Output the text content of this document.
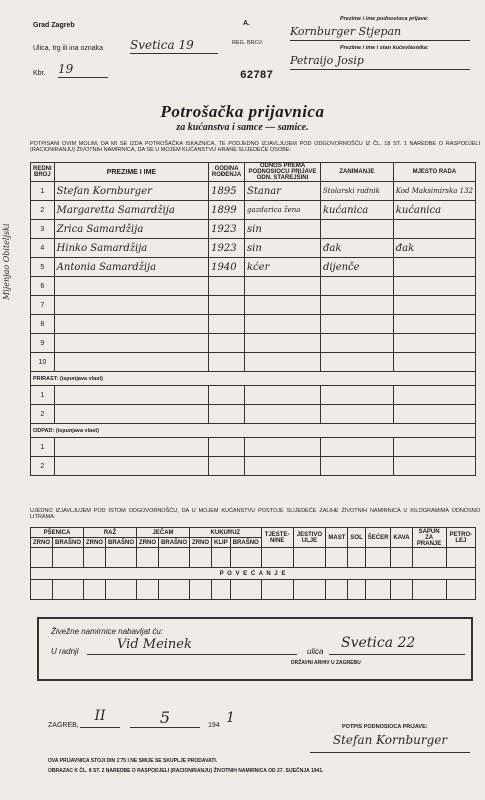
Grad Zagreb	A.
REG. BROJ:
Ulica, trg ili ina oznaka Svetica 19
Kbr. 19	62787
Prezime i ime podnosioca prijave:
Kornburger Stjepan
Prezime i ime i stan kućevlasnika:
Petraijo Josip
Potrošačka prijavnica
za kućanstva i samce — samice.
POTPISANI OVIM MOLIM, DA MI SE IZDA POTROŠAČKA ISKAZNICA, TE PODJEDNO IZJAVLJUJEM POD ODGOVORNOŠĆU IZ ČL. 18 ST. 1 NAREDBE O RASPODJELI (RACIONIRANJU) ŽIVOTNIH NAMIRNICA, DA SE U MOJEM KUĆANSTVU HRANE SLIJEDEĆE OSOBE:
Mijenjao Obiteljski
REDNI BROJ	PREZIME I IME	GODINA ROĐENJA	ODNOS PREMA PODNOSIOCU PRIJAVE ODN. STAREJŠINI	ZANIMANJE	MJESTO RADA
1	Stefan Kornburger	1895	Stanar	Stolarski radnik	Kod Maksimirska 132
2	Margaretta Samardžija	1899	gazdarica žena	kućanica	kućanica
3	Zrica Samardžija	1923	sin		
4	Hinko Samardžija	1923	sin	đak	đak
5	Antonia Samardžija	1940	kćer	dijenče	
6					
7					
8					
9					
10					
PRIRAST: (ispunjava vlast)					
1					
2					
ODPAD: (ispunjava vlast)					
1					
2					
UJEDNO IZJAVLJUJEM POD ISTOM ODGOVORNOŠĆU, DA U MOJEM KUĆANSTVU POSTOJE SLIJEDEĆE ZALIHE ŽIVOTNIH NAMIRNICA U KILOGRAMIMA ODNOSNO LITRAMA:
PŠENICA		RAŽ		JEČAM		KUKURUZ			TJESTE-NINE	JESTIVO ULJE	MAST	SOL	ŠEĆER	KAVA	SAPUN ZA PRANJE	PETRO-LEJ
ZRNO	BRAŠNO	ZRNO	BRAŠNO	ZRNO	BRAŠNO	ZRNO	KLIP	BRAŠNO								

P O V E Ć A N J E																

Živežne namirnice nabavljat ću:
U radnji	Vid Meinek	ulica
Svetica 22
DRŽAVNI ARHIV U ZAGREBU
ZAGREB,
II	5	194 1
POTPIS PODNOSIOCA PRIJAVE:
Stefan Kornburger
OVA PRIJAVNICA STOJI DIN 1'75 I NE SMIJE SE SKUPLJE PRODAVATI.
OBRAZAC K ČL. 8 ST. 2 NAREDBE O RASPODJELI (RACIONIRANJU) ŽIVOTNIH NAMIRNICA OD 27. SIJEČNJA 1941.
